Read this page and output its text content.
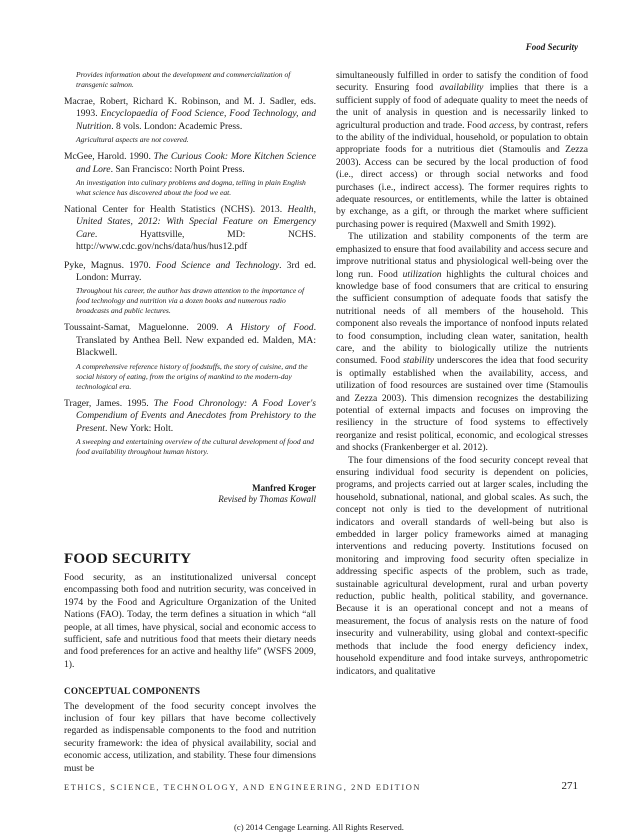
Food Security

Provides information about the development and commercialization of transgenic salmon.

Macrae, Robert, Richard K. Robinson, and M. J. Sadler, eds. 1993. Encyclopaedia of Food Science, Food Technology, and Nutrition. 8 vols. London: Academic Press.

Agricultural aspects are not covered.

McGee, Harold. 1990. The Curious Cook: More Kitchen Science and Lore. San Francisco: North Point Press.

An investigation into culinary problems and dogma, telling in plain English what science has discovered about the food we eat.

National Center for Health Statistics (NCHS). 2013. Health, United States, 2012: With Special Feature on Emergency Care. Hyattsville, MD: NCHS. http://www.cdc.gov/nchs/data/hus/hus12.pdf

Pyke, Magnus. 1970. Food Science and Technology. 3rd ed. London: Murray.

Throughout his career, the author has drawn attention to the importance of food technology and nutrition via a dozen books and numerous radio broadcasts and public lectures.

Toussaint-Samat, Maguelonne. 2009. A History of Food. Translated by Anthea Bell. New expanded ed. Malden, MA: Blackwell.

A comprehensive reference history of foodstuffs, the story of cuisine, and the social history of eating, from the origins of mankind to the modern-day technological era.

Trager, James. 1995. The Food Chronology: A Food Lover's Compendium of Events and Anecdotes from Prehistory to the Present. New York: Holt.

A sweeping and entertaining overview of the cultural development of food and food availability throughout human history.

Manfred Kroger
Revised by Thomas Kowall
FOOD SECURITY

Food security, as an institutionalized universal concept encompassing both food and nutrition security, was conceived in 1974 by the Food and Agriculture Organization of the United Nations (FAO). Today, the term defines a situation in which “all people, at all times, have physical, social and economic access to sufficient, safe and nutritious food that meets their dietary needs and food preferences for an active and healthy life” (WSFS 2009, 1).

CONCEPTUAL COMPONENTS

The development of the food security concept involves the inclusion of four key pillars that have become collectively regarded as indispensable components to the food and nutrition security framework: the idea of physical availability, social and economic access, utilization, and stability. These four dimensions must be

simultaneously fulfilled in order to satisfy the condition of food security. Ensuring food availability implies that there is a sufficient supply of food of adequate quality to meet the needs of the unit of analysis in question and is necessarily linked to agricultural production and trade. Food access, by contrast, refers to the ability of the individual, household, or population to obtain appropriate foods for a nutritious diet (Stamoulis and Zezza 2003). Access can be secured by the local production of food (i.e., direct access) or through social networks and food purchases (i.e., indirect access). The former requires rights to adequate resources, or entitlements, while the latter is obtained by exchange, as a gift, or through the market where sufficient purchasing power is required (Maxwell and Smith 1992).

The utilization and stability components of the term are emphasized to ensure that food availability and access secure and improve nutritional status and physiological well-being over the long run. Food utilization highlights the cultural choices and knowledge base of food consumers that are critical to ensuring the sufficient consumption of adequate foods that satisfy the nutritional needs of all members of the household. This component also reveals the importance of nonfood inputs related to food consumption, including clean water, sanitation, health care, and the ability to biologically utilize the nutrients consumed. Food stability underscores the idea that food security is optimally established when the availability, access, and utilization of food resources are sustained over time (Stamoulis and Zezza 2003). This dimension recognizes the destabilizing potential of external impacts and focuses on improving the resiliency in the structure of food systems to effectively reorganize and resist political, economic, and ecological stresses and shocks (Frankenberger et al. 2012).

The four dimensions of the food security concept reveal that ensuring individual food security is dependent on policies, programs, and projects carried out at larger scales, including the household, subnational, national, and global scales. As such, the concept not only is tied to the development of nutritional indicators and overall standards of well-being but also is embedded in larger policy frameworks aimed at managing interventions and reducing poverty. Institutions focused on monitoring and improving food security often specialize in addressing specific aspects of the problem, such as trade, sustainable agricultural development, rural and urban poverty reduction, public health, political stability, and governance. Because it is an operational concept and not a means of measurement, the focus of analysis rests on the nature of food insecurity and vulnerability, using global and context-specific methods that include the food energy deficiency index, household expenditure and food intake surveys, anthropometric indicators, and qualitative

ETHICS, SCIENCE, TECHNOLOGY, AND ENGINEERING, 2ND EDITION	271
(c) 2014 Cengage Learning. All Rights Reserved.
